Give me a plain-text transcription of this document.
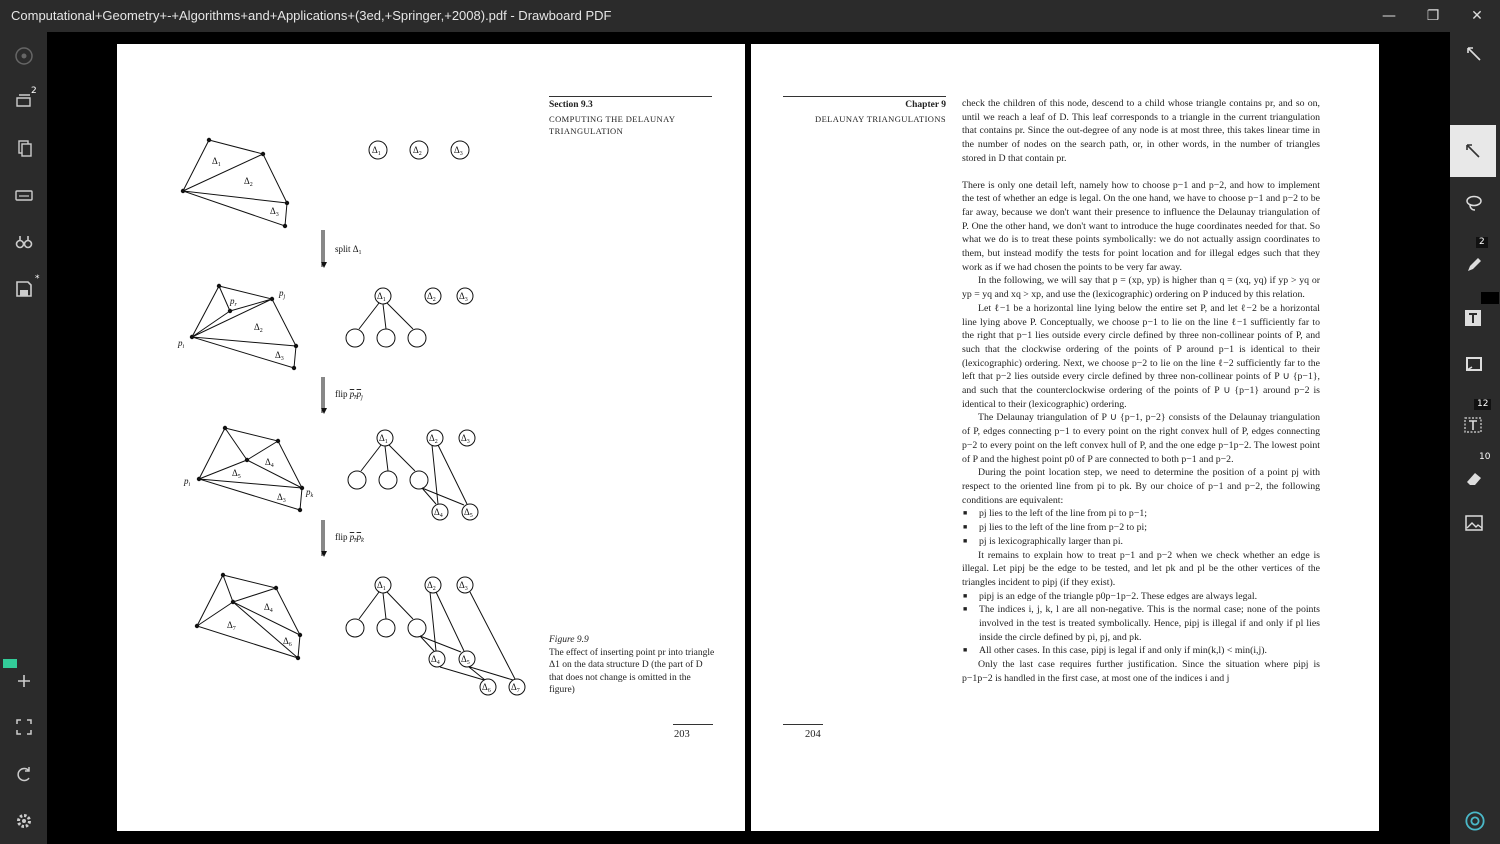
Computational+Geometry+-+Algorithms+and+Applications+(3ed,+Springer,+2008).pdf - Drawboard PDF	—	❐	✕
2
*
2
12
10
Section 9.3
COMPUTING THE DELAUNAY
TRIANGULATION
$\Delta_1$
$\Delta_2$
$\Delta_3$
$\Delta_1$	$\Delta_2$	$\Delta_3$
split $\Delta_1$
$p_r$
$p_j$
$p_i$
$\Delta_2$
$\Delta_3$
$\Delta_1$	$\Delta_2$	$\Delta_3$
flip $p_rp_j$
$\Delta_4$
$\Delta_5$
$\Delta_3$
$p_i$
$p_k$
$\Delta_1$	$\Delta_2$	$\Delta_3$
$\Delta_4$ $\Delta_5$
flip $p_rp_k$
$\Delta_4$
$\Delta_7$
$\Delta_6$
$\Delta_1$	$\Delta_2$	$\Delta_3$
$\Delta_4$ $\Delta_5$
$\Delta_6$ $\Delta_7$
Figure 9.9
The effect of inserting point pr into triangle Δ1 on the data structure D (the part of D that does not change is omitted in the figure)
203
Chapter 9
DELAUNAY TRIANGULATIONS

check the children of this node, descend to a child whose triangle contains pr, and so on, until we reach a leaf of D. This leaf corresponds to a triangle in the current triangulation that contains pr. Since the out-degree of any node is at most three, this takes linear time in the number of nodes on the search path, or, in other words, in the number of triangles stored in D that contain pr.

There is only one detail left, namely how to choose p−1 and p−2, and how to implement the test of whether an edge is legal. On the one hand, we have to choose p−1 and p−2 to be far away, because we don't want their presence to influence the Delaunay triangulation of P. One the other hand, we don't want to introduce the huge coordinates needed for that. So what we do is to treat these points symbolically: we do not actually assign coordinates to them, but instead modify the tests for point location and for illegal edges such that they work as if we had chosen the points to be very far away.

In the following, we will say that p = (xp, yp) is higher than q = (xq, yq) if yp > yq or yp = yq and xq > xp, and use the (lexicographic) ordering on P induced by this relation.

Let ℓ−1 be a horizontal line lying below the entire set P, and let ℓ−2 be a horizontal line lying above P. Conceptually, we choose p−1 to lie on the line ℓ−1 sufficiently far to the right that p−1 lies outside every circle defined by three non-collinear points of P, and such that the clockwise ordering of the points of P around p−1 is identical to their (lexicographic) ordering. Next, we choose p−2 to lie on the line ℓ−2 sufficiently far to the left that p−2 lies outside every circle defined by three non-collinear points of P ∪ {p−1}, and such that the counterclockwise ordering of the points of P ∪ {p−1} around p−2 is identical to their (lexicographic) ordering.

The Delaunay triangulation of P ∪ {p−1, p−2} consists of the Delaunay triangulation of P, edges connecting p−1 to every point on the right convex hull of P, edges connecting p−2 to every point on the left convex hull of P, and the one edge p−1p−2. The lowest point of P and the highest point p0 of P are connected to both p−1 and p−2.

During the point location step, we need to determine the position of a point pj with respect to the oriented line from pi to pk. By our choice of p−1 and p−2, the following conditions are equivalent:

■ pj lies to the left of the line from pi to p−1;
■ pj lies to the left of the line from p−2 to pi;
■ pj is lexicographically larger than pi.

It remains to explain how to treat p−1 and p−2 when we check whether an edge is illegal. Let pipj be the edge to be tested, and let pk and pl be the other vertices of the triangles incident to pipj (if they exist).

■ pipj is an edge of the triangle p0p−1p−2. These edges are always legal.
■ The indices i, j, k, l are all non-negative. This is the normal case; none of the points involved in the test is treated symbolically. Hence, pipj is illegal if and only if pl lies inside the circle defined by pi, pj, and pk.
■ All other cases. In this case, pipj is legal if and only if min(k,l) < min(i,j).

Only the last case requires further justification. Since the situation where pipj is p−1p−2 is handled in the first case, at most one of the indices i and j

204
